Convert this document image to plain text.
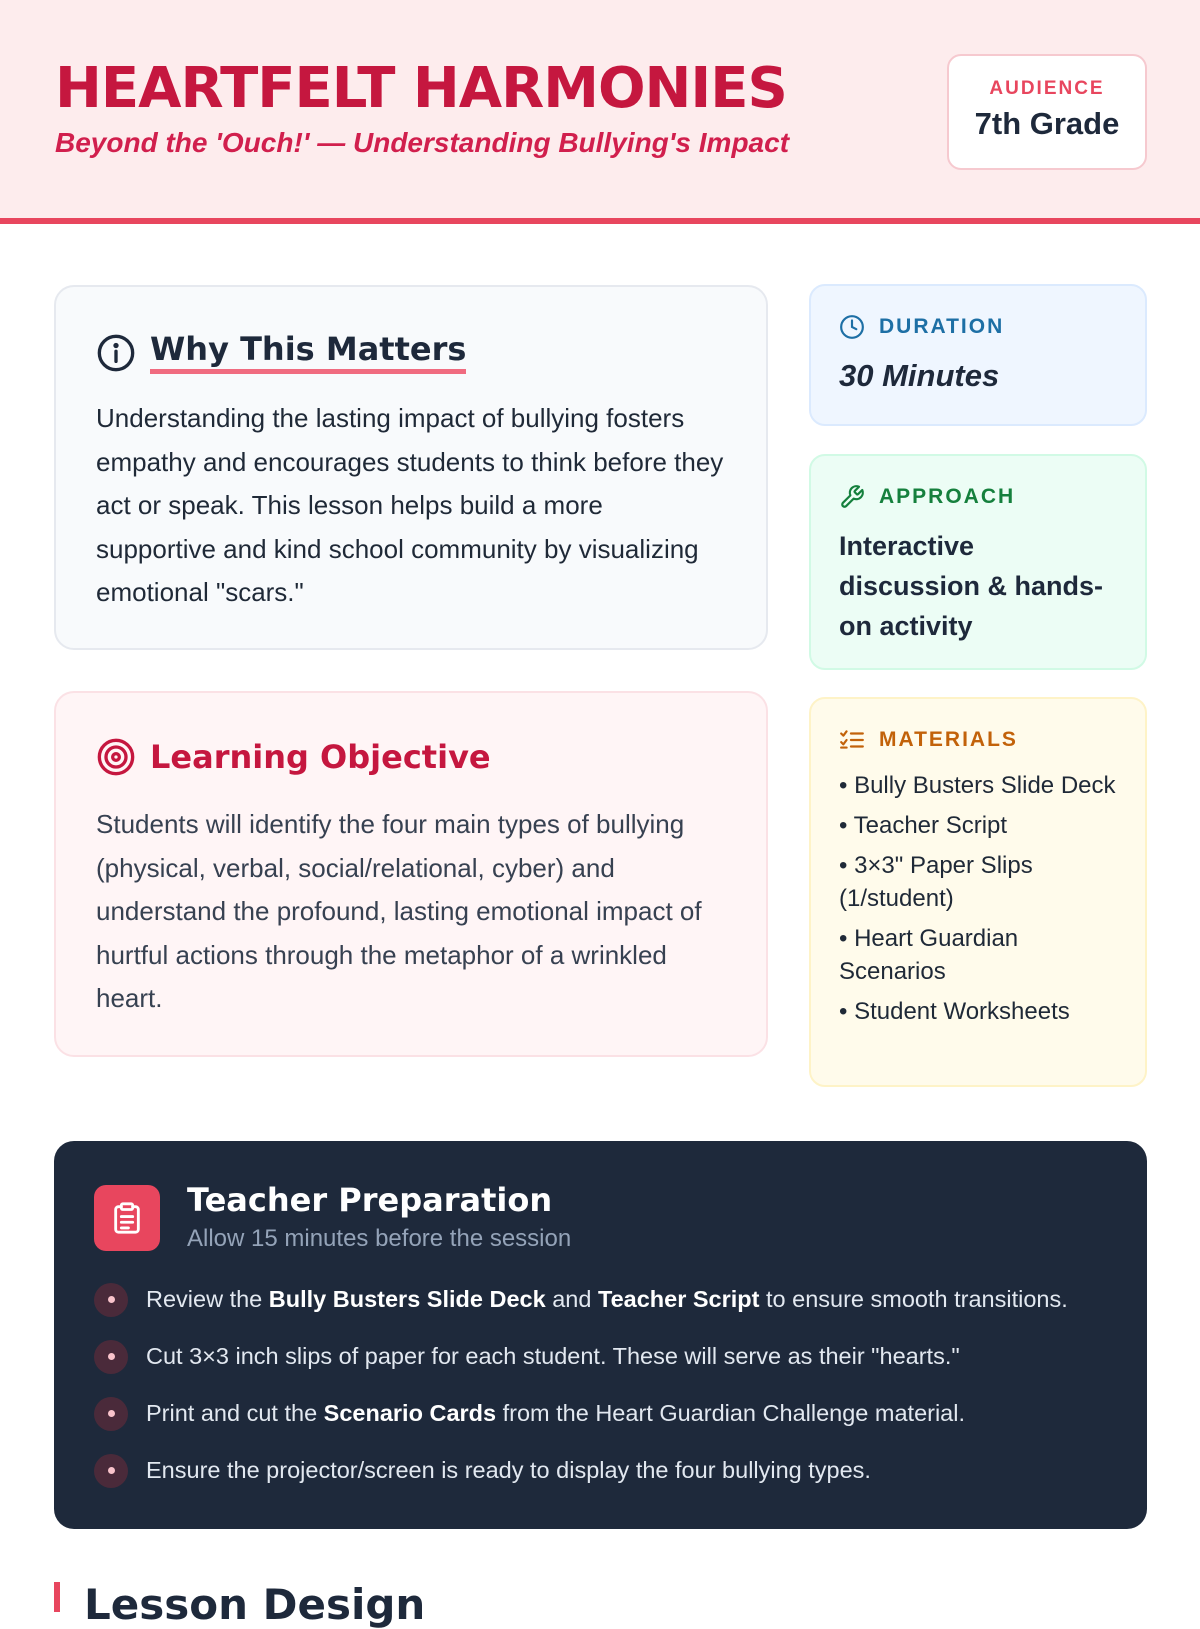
HEARTFELT HARMONIES
Beyond the 'Ouch!' — Understanding Bullying's Impact
AUDIENCE
7th Grade
Why This Matters
Understanding the lasting impact of bullying fosters empathy and encourages students to think before they act or speak. This lesson helps build a more supportive and kind school community by visualizing emotional "scars."
Learning Objective
Students will identify the four main types of bullying (physical, verbal, social/relational, cyber) and understand the profound, lasting emotional impact of hurtful actions through the metaphor of a wrinkled heart.
DURATION
30 Minutes
APPROACH
Interactive discussion & hands-on activity
MATERIALS
• Bully Busters Slide Deck
• Teacher Script
• 3×3" Paper Slips (1/student)
• Heart Guardian Scenarios
• Student Worksheets
Teacher Preparation
Allow 15 minutes before the session
Review the Bully Busters Slide Deck and Teacher Script to ensure smooth transitions.
Cut 3×3 inch slips of paper for each student. These will serve as their "hearts."
Print and cut the Scenario Cards from the Heart Guardian Challenge material.
Ensure the projector/screen is ready to display the four bullying types.
Lesson Design
